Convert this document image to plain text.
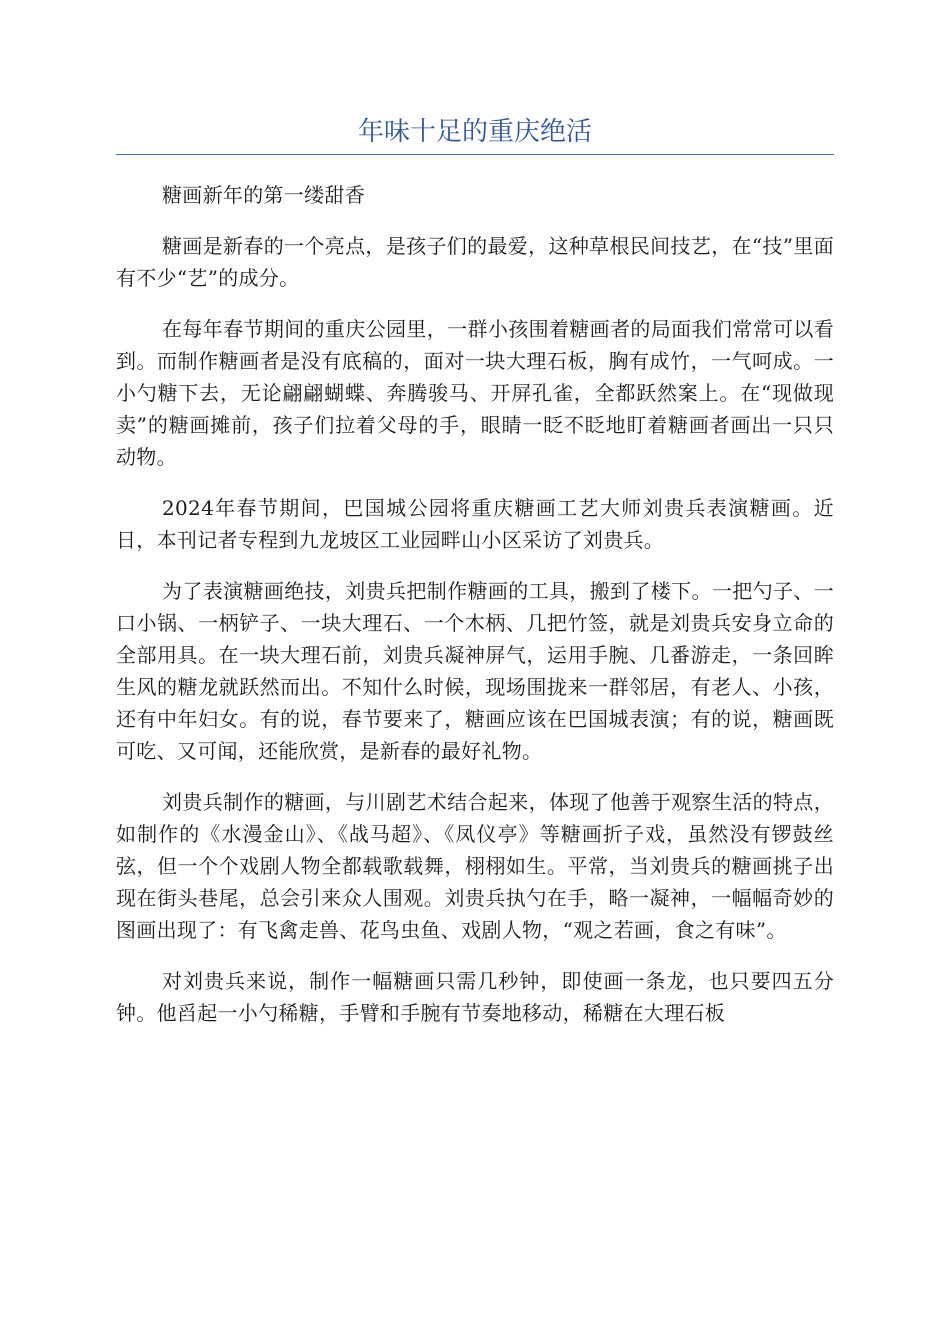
年味十足的重庆绝活

糖画新年的第一缕甜香

糖画是新春的一个亮点，是孩子们的最爱，这种草根民间技艺，在“技”里面有不少“艺”的成分。

在每年春节期间的重庆公园里，一群小孩围着糖画者的局面我们常常可以看到。而制作糖画者是没有底稿的，面对一块大理石板，胸有成竹，一气呵成。一小勺糖下去，无论翩翩蝴蝶、奔腾骏马、开屏孔雀，全都跃然案上。在“现做现卖”的糖画摊前，孩子们拉着父母的手，眼睛一眨不眨地盯着糖画者画出一只只动物。

2024年春节期间，巴国城公园将重庆糖画工艺大师刘贵兵表演糖画。近日，本刊记者专程到九龙坡区工业园畔山小区采访了刘贵兵。

为了表演糖画绝技，刘贵兵把制作糖画的工具，搬到了楼下。一把勺子、一口小锅、一柄铲子、一块大理石、一个木柄、几把竹签，就是刘贵兵安身立命的全部用具。在一块大理石前，刘贵兵凝神屏气，运用手腕、几番游走，一条回眸生风的糖龙就跃然而出。不知什么时候，现场围拢来一群邻居，有老人、小孩，还有中年妇女。有的说，春节要来了，糖画应该在巴国城表演；有的说，糖画既可吃、又可闻，还能欣赏，是新春的最好礼物。

刘贵兵制作的糖画，与川剧艺术结合起来，体现了他善于观察生活的特点，如制作的《水漫金山》、《战马超》、《凤仪亭》等糖画折子戏，虽然没有锣鼓丝弦，但一个个戏剧人物全都载歌载舞，栩栩如生。平常，当刘贵兵的糖画挑子出现在街头巷尾，总会引来众人围观。刘贵兵执勺在手，略一凝神，一幅幅奇妙的图画出现了：有飞禽走兽、花鸟虫鱼、戏剧人物，“观之若画，食之有味”。

对刘贵兵来说，制作一幅糖画只需几秒钟，即使画一条龙，也只要四五分钟。他舀起一小勺稀糖，手臂和手腕有节奏地移动，稀糖在大理石板
